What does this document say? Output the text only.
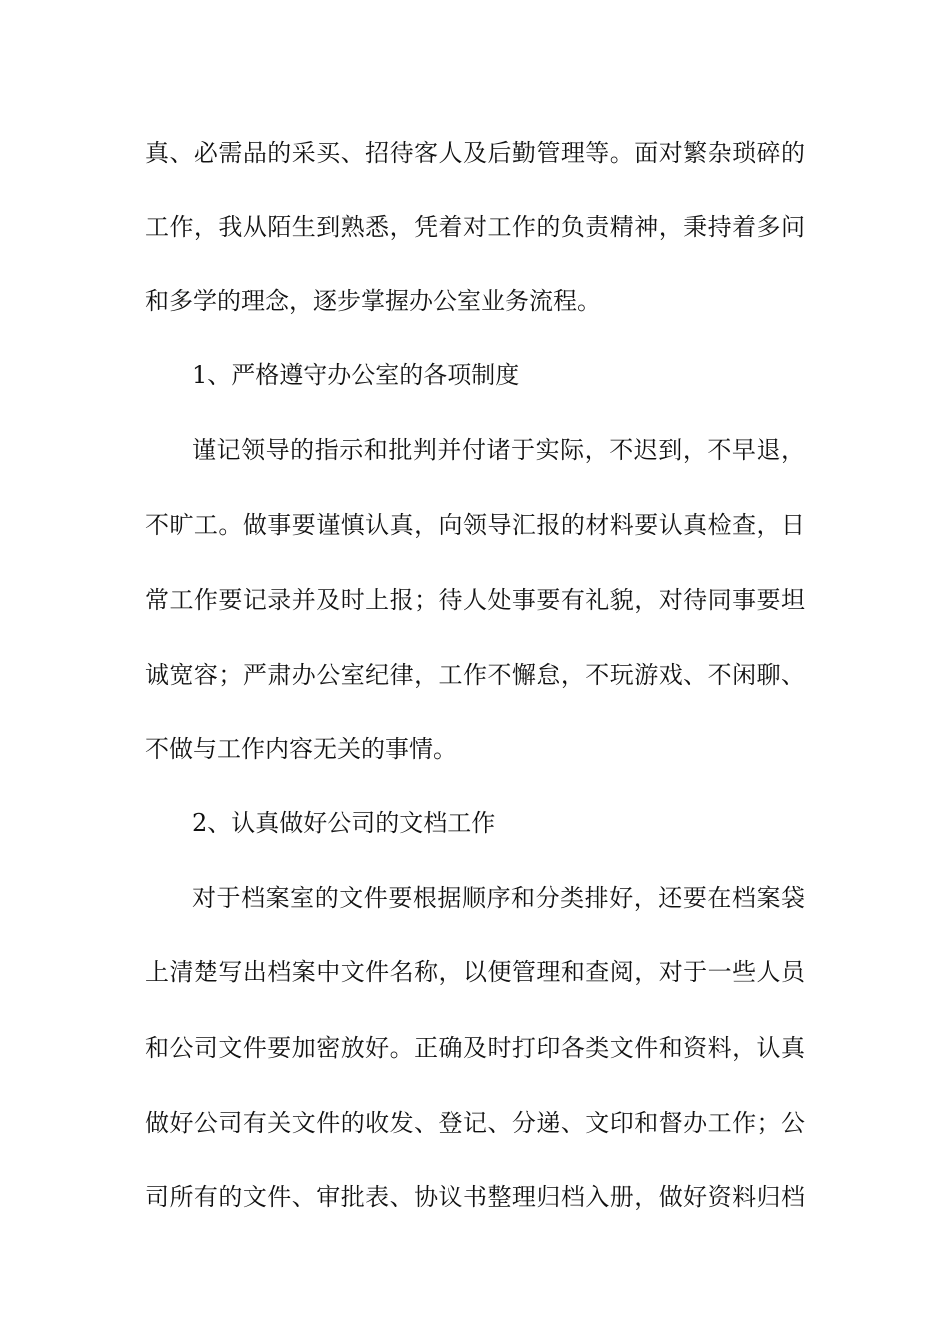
真、必需品的采买、招待客人及后勤管理等。面对繁杂琐碎的
工作，我从陌生到熟悉，凭着对工作的负责精神，秉持着多问
和多学的理念，逐步掌握办公室业务流程。
1、严格遵守办公室的各项制度
谨记领导的指示和批判并付诸于实际，不迟到，不早退，
不旷工。做事要谨慎认真，向领导汇报的材料要认真检查，日
常工作要记录并及时上报；待人处事要有礼貌，对待同事要坦
诚宽容；严肃办公室纪律，工作不懈怠，不玩游戏、不闲聊、
不做与工作内容无关的事情。
2、认真做好公司的文档工作
对于档案室的文件要根据顺序和分类排好，还要在档案袋
上清楚写出档案中文件名称，以便管理和查阅，对于一些人员
和公司文件要加密放好。正确及时打印各类文件和资料，认真
做好公司有关文件的收发、登记、分递、文印和督办工作；公
司所有的文件、审批表、协议书整理归档入册，做好资料归档
